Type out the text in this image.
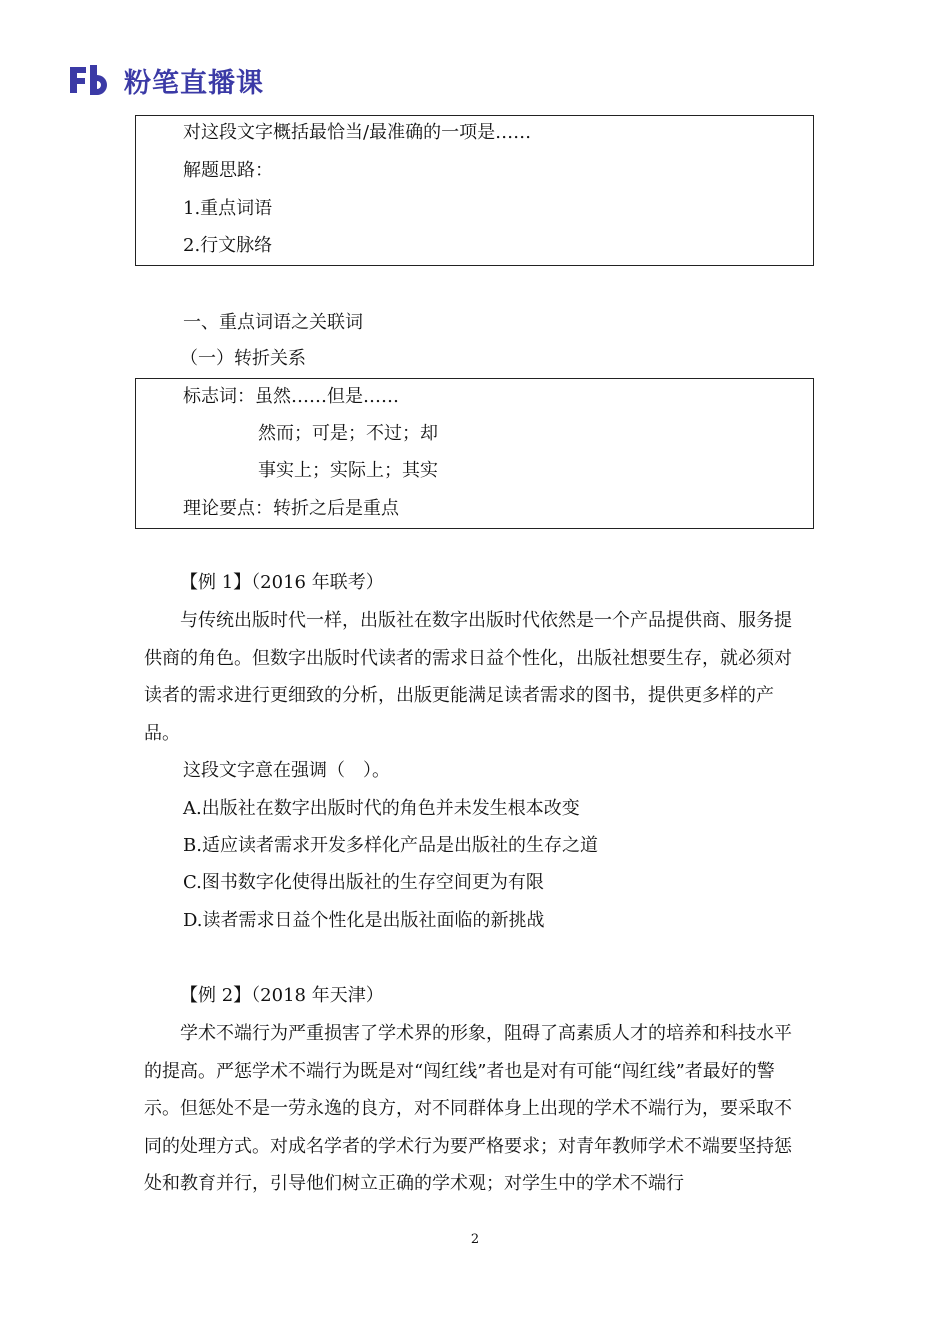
粉笔直播课
对这段文字概括最恰当/最准确的一项是……
解题思路：
1.重点词语
2.行文脉络
一、重点词语之关联词
（一）转折关系
标志词：虽然……但是……
然而；可是；不过；却
事实上；实际上；其实
理论要点：转折之后是重点
【例 1】（2016 年联考）
与传统出版时代一样，出版社在数字出版时代依然是一个产品提供商、服务提供商的角色。但数字出版时代读者的需求日益个性化，出版社想要生存，就必须对读者的需求进行更细致的分析，出版更能满足读者需求的图书，提供更多样的产品。
这段文字意在强调（　）。
A.出版社在数字出版时代的角色并未发生根本改变
B.适应读者需求开发多样化产品是出版社的生存之道
C.图书数字化使得出版社的生存空间更为有限
D.读者需求日益个性化是出版社面临的新挑战
【例 2】（2018 年天津）
学术不端行为严重损害了学术界的形象，阻碍了高素质人才的培养和科技水平的提高。严惩学术不端行为既是对“闯红线”者也是对有可能“闯红线”者最好的警示。但惩处不是一劳永逸的良方，对不同群体身上出现的学术不端行为，要采取不同的处理方式。对成名学者的学术行为要严格要求；对青年教师学术不端要坚持惩处和教育并行，引导他们树立正确的学术观；对学生中的学术不端行
2
